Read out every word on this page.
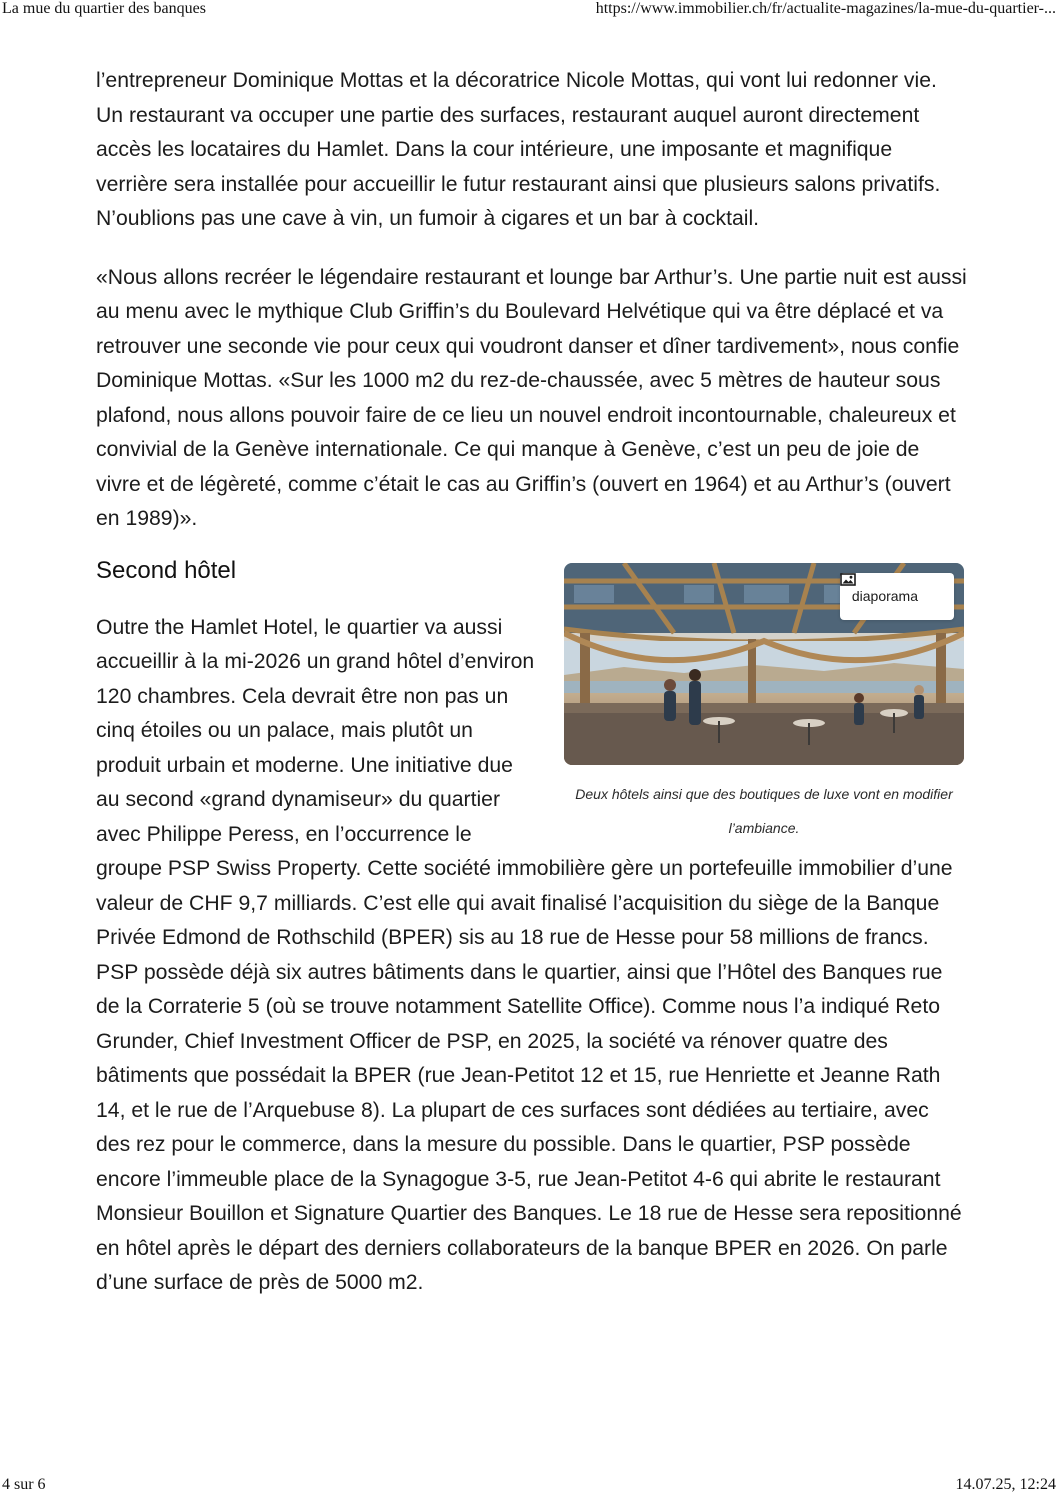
La mue du quartier des banques	https://www.immobilier.ch/fr/actualite-magazines/la-mue-du-quartier-...

l’entrepreneur Dominique Mottas et la décoratrice Nicole Mottas, qui vont lui redonner vie. Un restaurant va occuper une partie des surfaces, restaurant auquel auront directement accès les locataires du Hamlet. Dans la cour intérieure, une imposante et magnifique verrière sera installée pour accueillir le futur restaurant ainsi que plusieurs salons privatifs. N’oublions pas une cave à vin, un fumoir à cigares et un bar à cocktail.

«Nous allons recréer le légendaire restaurant et lounge bar Arthur’s. Une partie nuit est aussi au menu avec le mythique Club Griffin’s du Boulevard Helvétique qui va être déplacé et va retrouver une seconde vie pour ceux qui voudront danser et dîner tardivement», nous confie Dominique Mottas. «Sur les 1000 m2 du rez-de-chaussée, avec 5 mètres de hauteur sous plafond, nous allons pouvoir faire de ce lieu un nouvel endroit incontournable, chaleureux et convivial de la Genève internationale. Ce qui manque à Genève, c’est un peu de joie de vivre et de légèreté, comme c’était le cas au Griffin’s (ouvert en 1964) et au Arthur’s (ouvert en 1989)».

Second hôtel
diaporama
Deux hôtels ainsi que des boutiques de luxe vont en modifier l’ambiance.

Outre the Hamlet Hotel, le quartier va aussi accueillir à la mi-2026 un grand hôtel d’environ 120 chambres. Cela devrait être non pas un cinq étoiles ou un palace, mais plutôt un produit urbain et moderne. Une initiative due au second «grand dynamiseur» du quartier avec Philippe Peress, en l’occurrence le groupe PSP Swiss Property. Cette société immobilière gère un portefeuille immobilier d’une valeur de CHF 9,7 milliards. C’est elle qui avait finalisé l’acquisition du siège de la Banque Privée Edmond de Rothschild (BPER) sis au 18 rue de Hesse pour 58 millions de francs. PSP possède déjà six autres bâtiments dans le quartier, ainsi que l’Hôtel des Banques rue de la Corraterie 5 (où se trouve notamment Satellite Office). Comme nous l’a indiqué Reto Grunder, Chief Investment Officer de PSP, en 2025, la société va rénover quatre des bâtiments que possédait la BPER (rue Jean-Petitot 12 et 15, rue Henriette et Jeanne Rath 14, et le rue de l’Arquebuse 8). La plupart de ces surfaces sont dédiées au tertiaire, avec des rez pour le commerce, dans la mesure du possible. Dans le quartier, PSP possède encore l’immeuble place de la Synagogue 3-5, rue Jean-Petitot 4-6 qui abrite le restaurant Monsieur Bouillon et Signature Quartier des Banques. Le 18 rue de Hesse sera repositionné en hôtel après le départ des derniers collaborateurs de la banque BPER en 2026. On parle d’une surface de près de 5000 m2.

4 sur 6	14.07.25, 12:24
